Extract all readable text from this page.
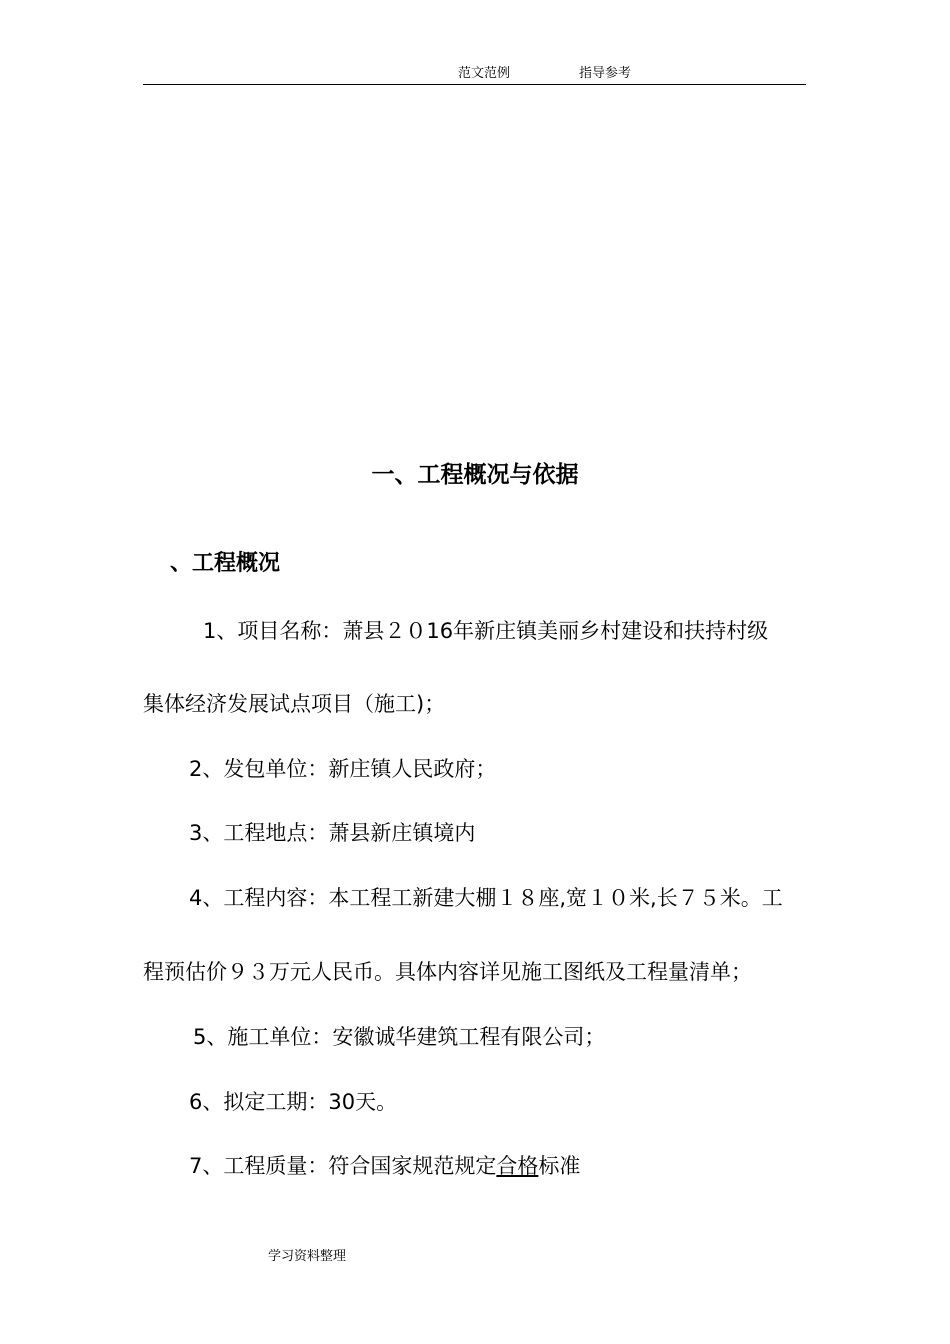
范文范例	指导参考
一、工程概况与依据
、工程概况
1、项目名称：萧县２０16年新庄镇美丽乡村建设和扶持村级
集体经济发展试点项目（施工)；
2、发包单位：新庄镇人民政府；
3、工程地点：萧县新庄镇境内
4、工程内容：本工程工新建大棚１８座,宽１０米,长７５米。工
程预估价９３万元人民币。具体内容详见施工图纸及工程量清单；
5、施工单位：安徽诚华建筑工程有限公司；
6、拟定工期：30天。
7、工程质量：符合国家规范规定合格标准
学习资料整理
